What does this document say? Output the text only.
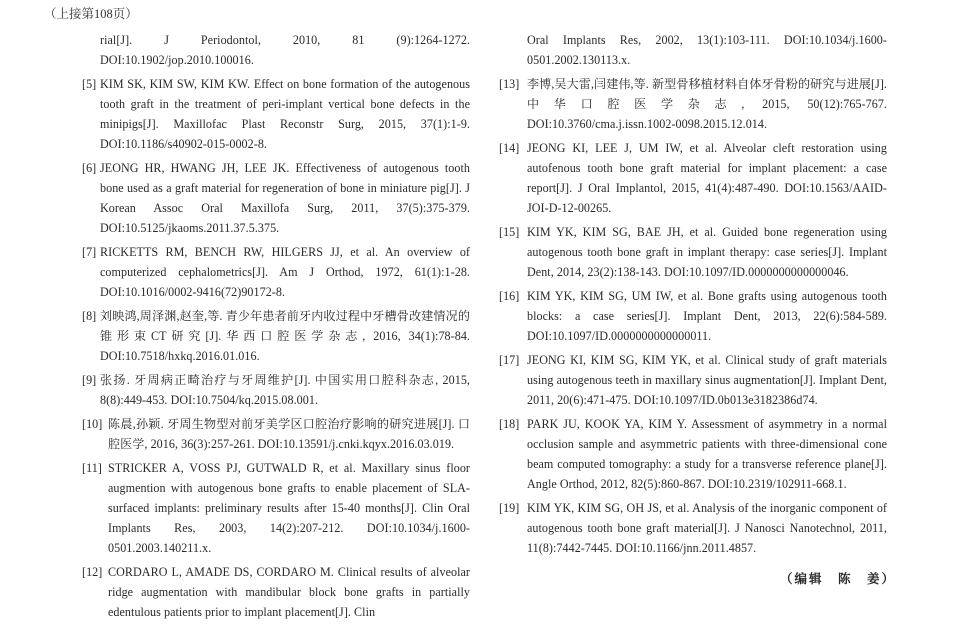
（上接第108页）
rial[J]. J Periodontol, 2010, 81 (9):1264-1272. DOI:10.1902/jop.2010.100016.
[5] KIM SK, KIM SW, KIM KW. Effect on bone formation of the autogenous tooth graft in the treatment of peri-implant vertical bone defects in the minipigs[J]. Maxillofac Plast Reconstr Surg, 2015, 37(1):1-9. DOI:10.1186/s40902-015-0002-8.
[6] JEONG HR, HWANG JH, LEE JK. Effectiveness of autogenous tooth bone used as a graft material for regeneration of bone in miniature pig[J]. J Korean Assoc Oral Maxillofa Surg, 2011, 37(5):375-379. DOI:10.5125/jkaoms.2011.37.5.375.
[7] RICKETTS RM, BENCH RW, HILGERS JJ, et al. An overview of computerized cephalometrics[J]. Am J Orthod, 1972, 61(1):1-28. DOI:10.1016/0002-9416(72)90172-8.
[8] 刘映鸿,周泽渊,赵奎,等. 青少年患者前牙内收过程中牙槽骨改建情况的锥形束CT研究[J].华西口腔医学杂志, 2016, 34(1):78-84. DOI:10.7518/hxkq.2016.01.016.
[9] 张扬. 牙周病正畸治疗与牙周维护[J]. 中国实用口腔科杂志, 2015, 8(8):449-453. DOI:10.7504/kq.2015.08.001.
[10] 陈晨,孙颖. 牙周生物型对前牙美学区口腔治疗影响的研究进展[J]. 口腔医学, 2016, 36(3):257-261. DOI:10.13591/j.cnki.kqyx.2016.03.019.
[11] STRICKER A, VOSS PJ, GUTWALD R, et al. Maxillary sinus floor augmention with autogenous bone grafts to enable placement of SLA-surfaced implants: preliminary results after 15-40 months[J]. Clin Oral Implants Res, 2003, 14(2):207-212. DOI:10.1034/j.1600-0501.2003.140211.x.
[12] CORDARO L, AMADE DS, CORDARO M. Clinical results of alveolar ridge augmentation with mandibular block bone grafts in partially edentulous patients prior to implant placement[J]. Clin
Oral Implants Res, 2002, 13(1):103-111. DOI:10.1034/j.1600-0501.2002.130113.x.
[13] 李博,吴大雷,闫建伟,等. 新型骨移植材料自体牙骨粉的研究与进展[J]. 中华口腔医学杂志, 2015, 50(12):765-767. DOI:10.3760/cma.j.issn.1002-0098.2015.12.014.
[14] JEONG KI, LEE J, UM IW, et al. Alveolar cleft restoration using autofenous tooth bone graft material for implant placement: a case report[J]. J Oral Implantol, 2015, 41(4):487-490. DOI:10.1563/AAID-JOI-D-12-00265.
[15] KIM YK, KIM SG, BAE JH, et al. Guided bone regeneration using autogenous tooth bone graft in implant therapy: case series[J]. Implant Dent, 2014, 23(2):138-143. DOI:10.1097/ID.0000000000000046.
[16] KIM YK, KIM SG, UM IW, et al. Bone grafts using autogenous tooth blocks: a case series[J]. Implant Dent, 2013, 22(6):584-589. DOI:10.1097/ID.0000000000000011.
[17] JEONG KI, KIM SG, KIM YK, et al. Clinical study of graft materials using autogenous teeth in maxillary sinus augmentation[J]. Implant Dent, 2011, 20(6):471-475. DOI:10.1097/ID.0b013e3182386d74.
[18] PARK JU, KOOK YA, KIM Y. Assessment of asymmetry in a normal occlusion sample and asymmetric patients with three-dimensional cone beam computed tomography: a study for a transverse reference plane[J]. Angle Orthod, 2012, 82(5):860-867. DOI:10.2319/102911-668.1.
[19] KIM YK, KIM SG, OH JS, et al. Analysis of the inorganic component of autogenous tooth bone graft material[J]. J Nanosci Nanotechnol, 2011, 11(8):7442-7445. DOI:10.1166/jnn.2011.4857.
（编辑　陈　姜）
